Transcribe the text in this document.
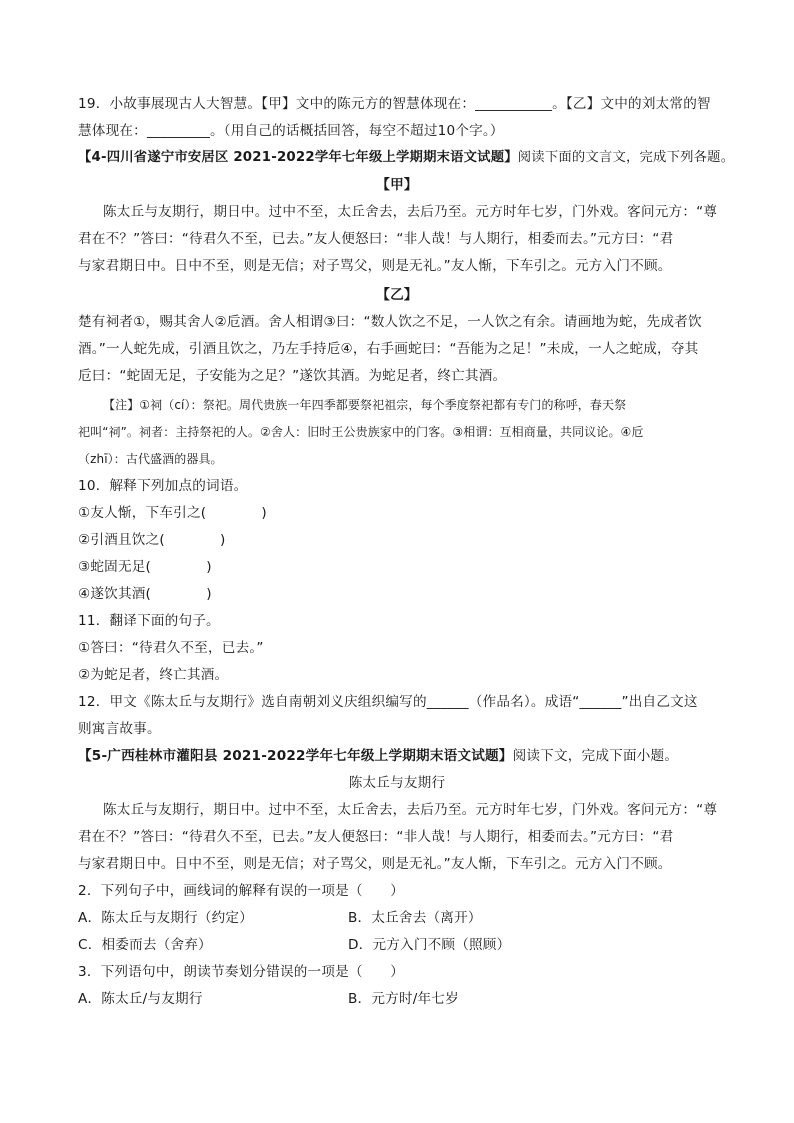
19．小故事展现古人大智慧。【甲】文中的陈元方的智慧体现在：___________。【乙】文中的刘太常的智
慧体现在：_________。（用自己的话概括回答，每空不超过10个字。）
【4-四川省遂宁市安居区 2021-2022学年七年级上学期期末语文试题】阅读下面的文言文，完成下列各题。
【甲】
陈太丘与友期行，期日中。过中不至，太丘舍去，去后乃至。元方时年七岁，门外戏。客问元方：“尊
君在不？”答曰：“待君久不至，已去。”友人便怒曰：“非人哉！与人期行，相委而去。”元方曰：“君
与家君期日中。日中不至，则是无信；对子骂父，则是无礼。”友人惭，下车引之。元方入门不顾。
【乙】
楚有祠者①，赐其舍人②卮酒。舍人相谓③曰：“数人饮之不足，一人饮之有余。请画地为蛇，先成者饮
酒。”一人蛇先成，引酒且饮之，乃左手持卮④，右手画蛇曰：“吾能为之足！”未成，一人之蛇成，夺其
卮曰：“蛇固无足，子安能为之足？”遂饮其酒。为蛇足者，终亡其酒。
【注】①祠（cí）：祭祀。周代贵族一年四季都要祭祀祖宗，每个季度祭祀都有专门的称呼，春天祭
祀叫“祠”。祠者：主持祭祀的人。②舍人：旧时王公贵族家中的门客。③相谓：互相商量，共同议论。④卮
（zhī）：古代盛酒的器具。
10．解释下列加点的词语。
①友人惭，下车引之(　　　　)
②引酒且饮之(　　　　)
③蛇固无足(　　　　)
④遂饮其酒(　　　　)
11．翻译下面的句子。
①答曰：“待君久不至，已去。”
②为蛇足者，终亡其酒。
12．甲文《陈太丘与友期行》选自南朝刘义庆组织编写的______（作品名）。成语“______”出自乙文这
则寓言故事。
【5-广西桂林市灌阳县 2021-2022学年七年级上学期期末语文试题】阅读下文，完成下面小题。
陈太丘与友期行
陈太丘与友期行，期日中。过中不至，太丘舍去，去后乃至。元方时年七岁，门外戏。客问元方：“尊
君在不？”答曰：“待君久不至，已去。”友人便怒曰：“非人哉！与人期行，相委而去。”元方曰：“君
与家君期日中。日中不至，则是无信；对子骂父，则是无礼。”友人惭，下车引之。元方入门不顾。
2．下列句子中，画线词的解释有误的一项是（　　）
A．陈太丘与友期行（约定）	B．太丘舍去（离开）
C．相委而去（舍弃）	D．元方入门不顾（照顾）
3．下列语句中，朗读节奏划分错误的一项是（　　）
A．陈太丘/与友期行	B．元方时/年七岁
